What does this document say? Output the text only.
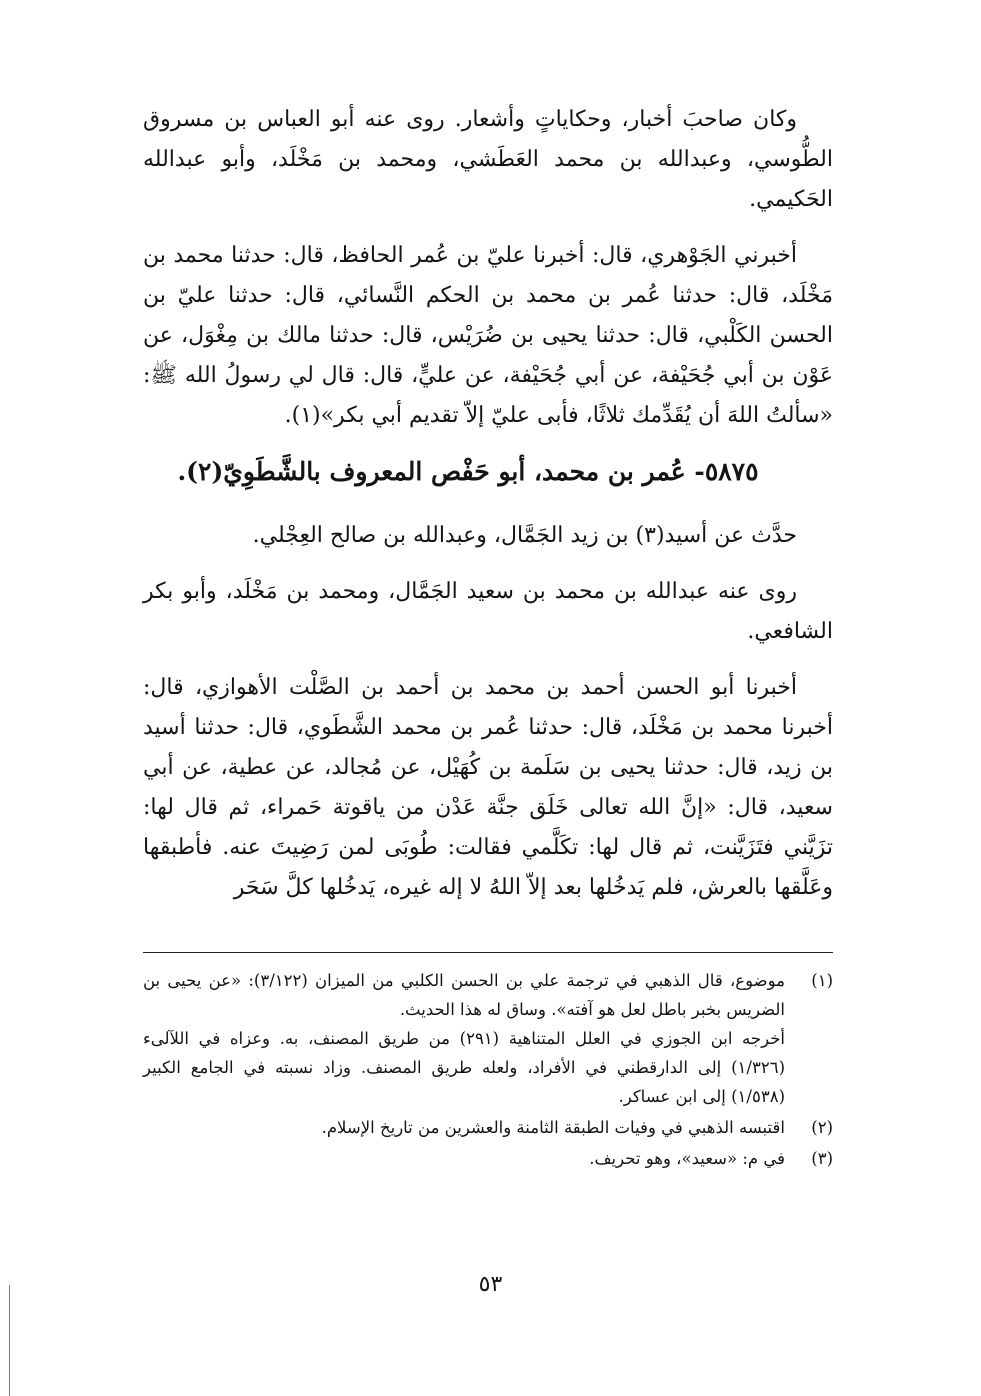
وكان صاحبَ أخبار، وحكاياتٍ وأشعار. روى عنه أبو العباس بن مسروق الطُّوسي، وعبدالله بن محمد العَطَشي، ومحمد بن مَخْلَد، وأبو عبدالله الحَكيمي.

أخبرني الجَوْهري، قال: أخبرنا عليّ بن عُمر الحافظ، قال: حدثنا محمد بن مَخْلَد، قال: حدثنا عُمر بن محمد بن الحكم النَّسائي، قال: حدثنا عليّ بن الحسن الكَلْبي، قال: حدثنا يحيى بن ضُرَيْس، قال: حدثنا مالك بن مِغْوَل، عن عَوْن بن أبي جُحَيْفة، عن أبي جُحَيْفة، عن عليٍّ، قال: قال لي رسولُ الله ﷺ: «سألتُ اللهَ أن يُقَدِّمك ثلاثًا، فأبى عليّ إلاّ تقديم أبي بكر»(١).

٥٨٧٥- عُمر بن محمد، أبو حَفْص المعروف بالشَّطَوِيّ(٢).

حدَّث عن أسيد(٣) بن زيد الجَمَّال، وعبدالله بن صالح العِجْلي.

روى عنه عبدالله بن محمد بن سعيد الجَمَّال، ومحمد بن مَخْلَد، وأبو بكر الشافعي.

أخبرنا أبو الحسن أحمد بن محمد بن أحمد بن الصَّلْت الأهوازي، قال: أخبرنا محمد بن مَخْلَد، قال: حدثنا عُمر بن محمد الشَّطَوي، قال: حدثنا أسيد بن زيد، قال: حدثنا يحيى بن سَلَمة بن كُهَيْل، عن مُجالد، عن عطية، عن أبي سعيد، قال: «إنَّ الله تعالى خَلَق جنَّة عَدْن من ياقوتة حَمراء، ثم قال لها: تزَيَّني فتَزَيَّنت، ثم قال لها: تكَلَّمي فقالت: طُوبَى لمن رَضِيتَ عنه. فأطبقها وعَلَّقها بالعرش، فلم يَدخُلها بعد إلاّ اللهُ لا إله غيره، يَدخُلها كلَّ سَحَر

(١)
موضوع، قال الذهبي في ترجمة علي بن الحسن الكلبي من الميزان (٣/١٢٢): «عن يحيى بن الضريس بخبر باطل لعل هو آفته». وساق له هذا الحديث.
أخرجه ابن الجوزي في العلل المتناهية (٢٩١) من طريق المصنف، به. وعزاه في اللآلىء (١/٣٢٦) إلى الدارقطني في الأفراد، ولعله طريق المصنف. وزاد نسبته في الجامع الكبير (١/٥٣٨) إلى ابن عساكر.
(٢)
اقتبسه الذهبي في وفيات الطبقة الثامنة والعشرين من تاريخ الإسلام.
(٣)
في م: «سعيد»، وهو تحريف.
٥٣
